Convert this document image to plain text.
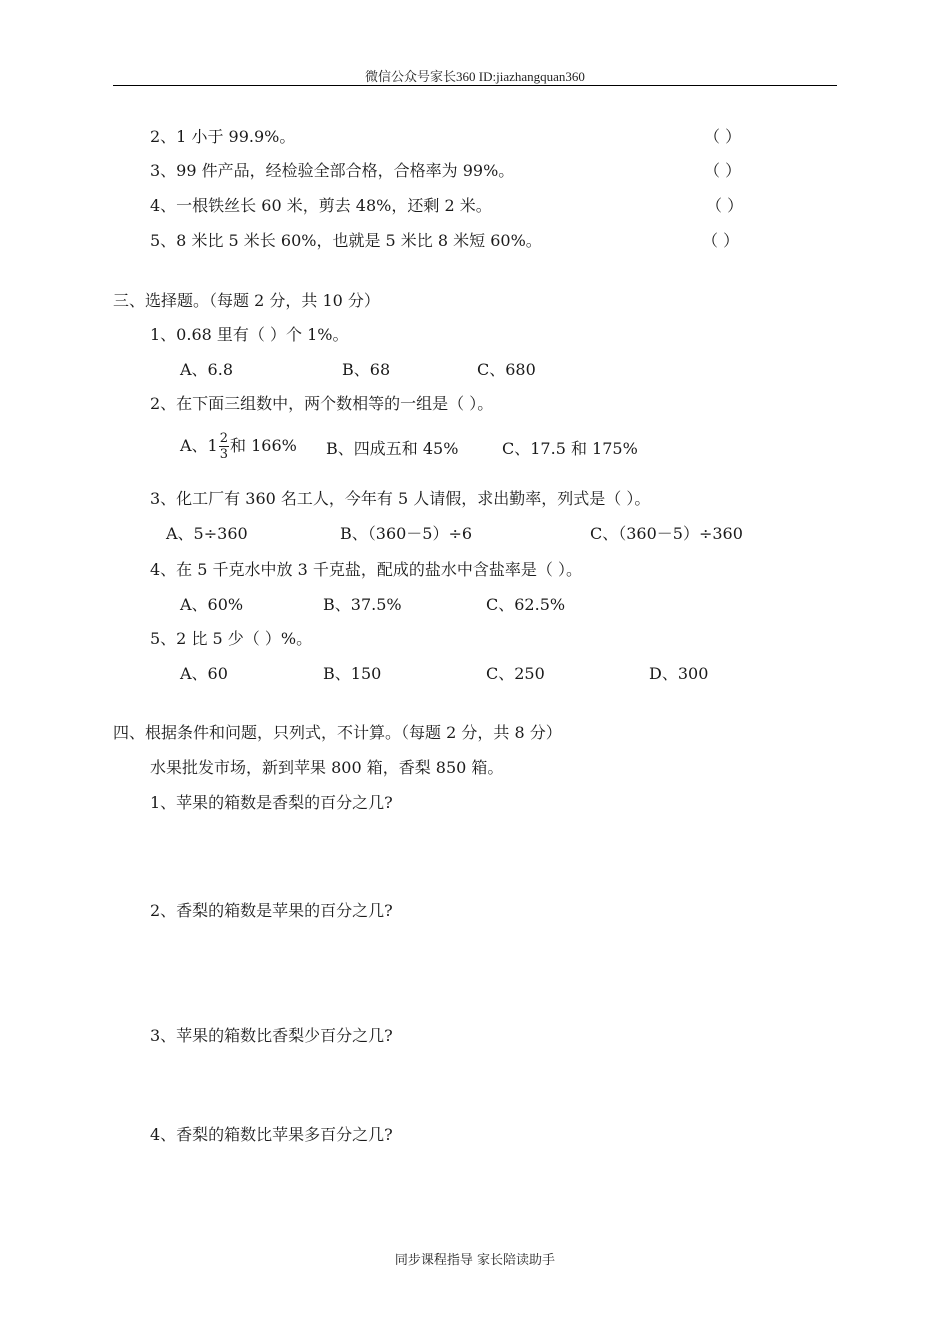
微信公众号家长360 ID:jiazhangquan360
2、1 小于 99.9%。	（ ）
3、99 件产品，经检验全部合格，合格率为 99%。	（ ）
4、一根铁丝长 60 米，剪去 48%，还剩 2 米。	（ ）
5、8 米比 5 米长 60%，也就是 5 米比 8 米短 60%。	（ ）
三、选择题。（每题 2 分，共 10 分）
1、0.68 里有（ ）个 1%。
A、6.8	B、68	C、680
2、在下面三组数中，两个数相等的一组是（ ）。
A、$1 \frac{2}{3}$ 和 166% B、四成五和 45%	C、17.5 和 175%
3、化工厂有 360 名工人，今年有 5 人请假，求出勤率，列式是（ ）。
A、5÷360	B、（360－5）÷6	C、（360－5）÷360
4、在 5 千克水中放 3 千克盐，配成的盐水中含盐率是（ ）。
A、60%	B、37.5%	C、62.5%
5、2 比 5 少（ ）%。
A、60	B、150	C、250	D、300
四、根据条件和问题，只列式，不计算。（每题 2 分，共 8 分）
水果批发市场，新到苹果 800 箱，香梨 850 箱。
1、苹果的箱数是香梨的百分之几?
2、香梨的箱数是苹果的百分之几?
3、苹果的箱数比香梨少百分之几?
4、香梨的箱数比苹果多百分之几?
同步课程指导 家长陪读助手
